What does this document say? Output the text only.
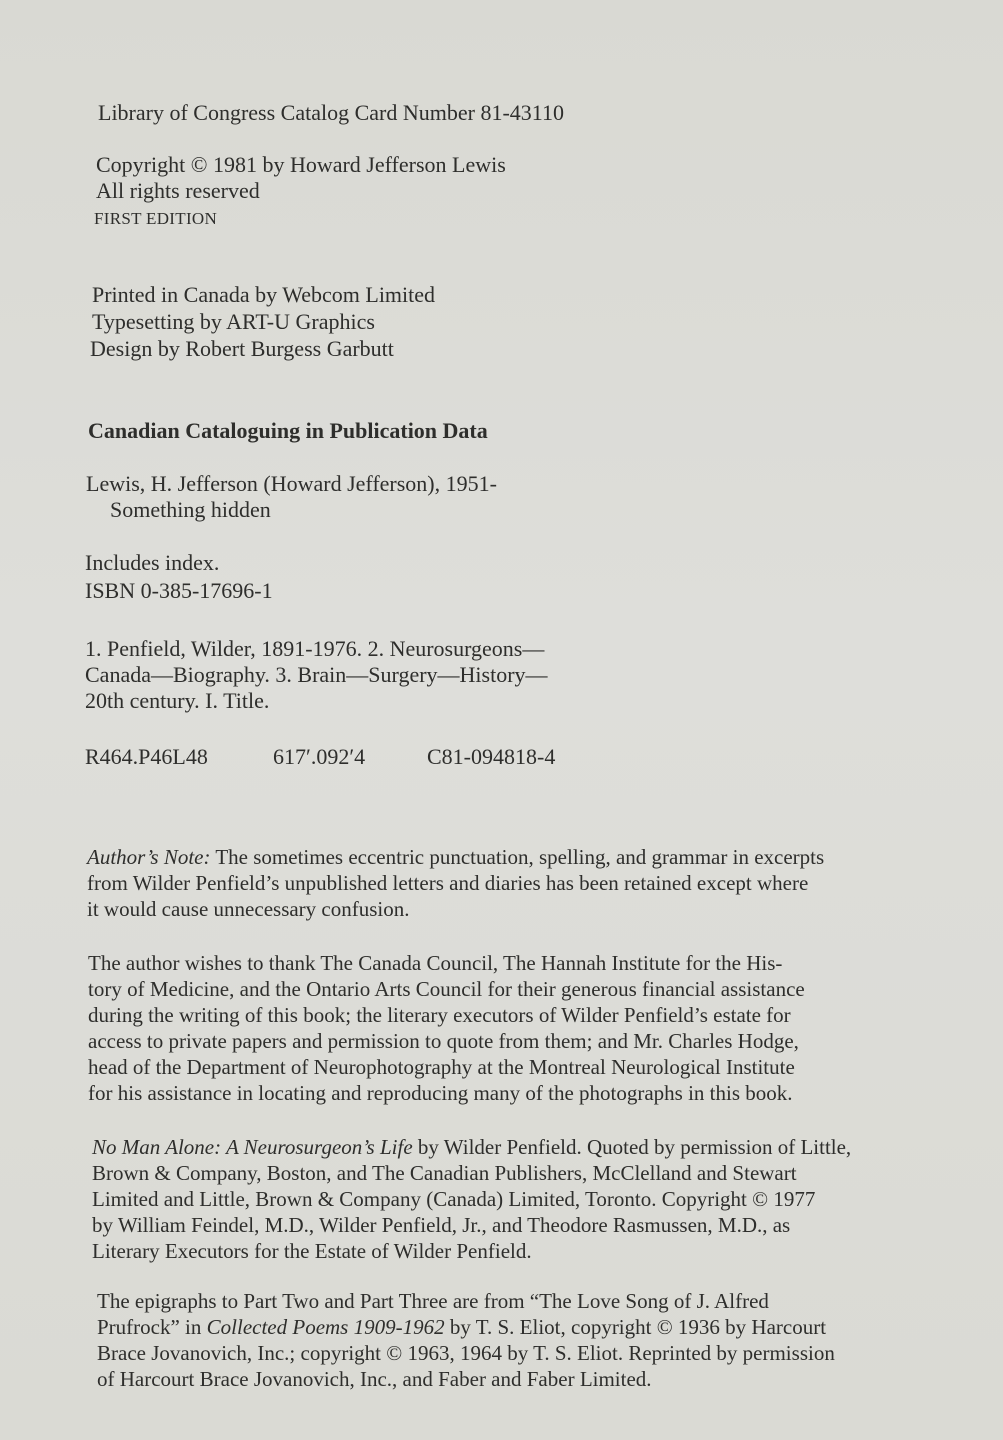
Library of Congress Catalog Card Number 81-43110
Copyright © 1981 by Howard Jefferson Lewis
All rights reserved
FIRST EDITION
Printed in Canada by Webcom Limited
Typesetting by ART-U Graphics
Design by Robert Burgess Garbutt
Canadian Cataloguing in Publication Data
Lewis, H. Jefferson (Howard Jefferson), 1951-
Something hidden
Includes index.
ISBN 0-385-17696-1
1. Penfield, Wilder, 1891-1976. 2. Neurosurgeons—
Canada—Biography. 3. Brain—Surgery—History—
20th century. I. Title.
R464.P46L48	617′.092′4	C81-094818-4
Author’s Note: The sometimes eccentric punctuation, spelling, and grammar in excerpts
from Wilder Penfield’s unpublished letters and diaries has been retained except where
it would cause unnecessary confusion.
The author wishes to thank The Canada Council, The Hannah Institute for the His-
tory of Medicine, and the Ontario Arts Council for their generous financial assistance
during the writing of this book; the literary executors of Wilder Penfield’s estate for
access to private papers and permission to quote from them; and Mr. Charles Hodge,
head of the Department of Neurophotography at the Montreal Neurological Institute
for his assistance in locating and reproducing many of the photographs in this book.
No Man Alone: A Neurosurgeon’s Life by Wilder Penfield. Quoted by permission of Little,
Brown & Company, Boston, and The Canadian Publishers, McClelland and Stewart
Limited and Little, Brown & Company (Canada) Limited, Toronto. Copyright © 1977
by William Feindel, M.D., Wilder Penfield, Jr., and Theodore Rasmussen, M.D., as
Literary Executors for the Estate of Wilder Penfield.
The epigraphs to Part Two and Part Three are from “The Love Song of J. Alfred
Prufrock” in Collected Poems 1909-1962 by T. S. Eliot, copyright © 1936 by Harcourt
Brace Jovanovich, Inc.; copyright © 1963, 1964 by T. S. Eliot. Reprinted by permission
of Harcourt Brace Jovanovich, Inc., and Faber and Faber Limited.
